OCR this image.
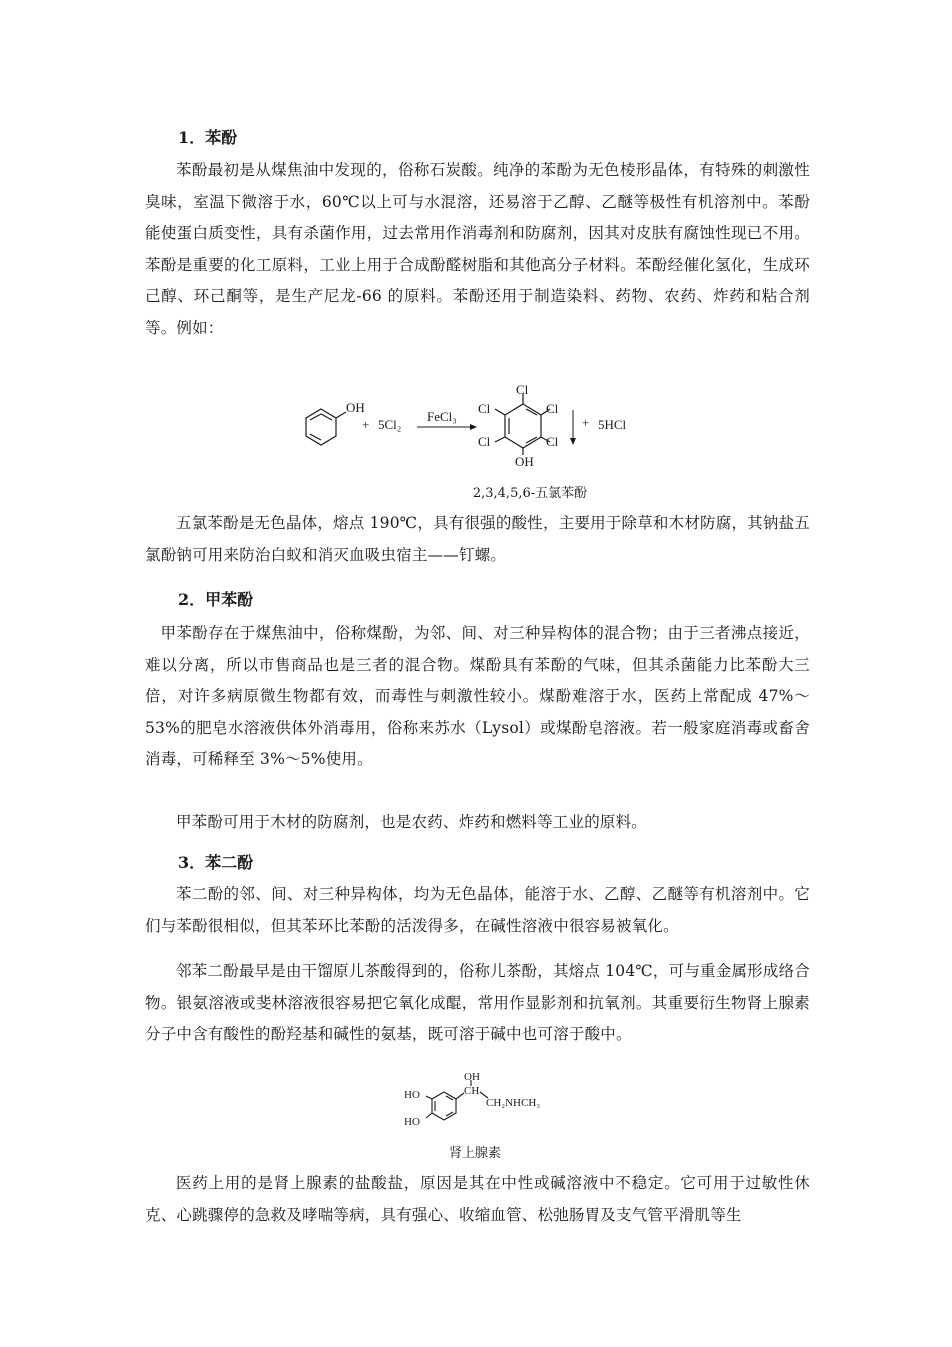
1．苯酚
苯酚最初是从煤焦油中发现的，俗称石炭酸。纯净的苯酚为无色棱形晶体，有特殊的刺激性臭味，室温下微溶于水，60℃以上可与水混溶，还易溶于乙醇、乙醚等极性有机溶剂中。苯酚能使蛋白质变性，具有杀菌作用，过去常用作消毒剂和防腐剂，因其对皮肤有腐蚀性现已不用。苯酚是重要的化工原料，工业上用于合成酚醛树脂和其他高分子材料。苯酚经催化氢化，生成环己醇、环己酮等，是生产尼龙-66 的原料。苯酚还用于制造染料、药物、农药、炸药和粘合剂等。例如：
OH
+ 5Cl₂
FeCl₃
Cl
Cl	Cl
Cl	Cl
OH
+ 5HCl
2,3,4,5,6-五氯苯酚
五氯苯酚是无色晶体，熔点 190℃，具有很强的酸性，主要用于除草和木材防腐，其钠盐五氯酚钠可用来防治白蚁和消灭血吸虫宿主——钉螺。
2．甲苯酚
甲苯酚存在于煤焦油中，俗称煤酚，为邻、间、对三种异构体的混合物；由于三者沸点接近，难以分离，所以市售商品也是三者的混合物。煤酚具有苯酚的气味，但其杀菌能力比苯酚大三倍，对许多病原微生物都有效，而毒性与刺激性较小。煤酚难溶于水，医药上常配成 47%～53%的肥皂水溶液供体外消毒用，俗称来苏水（Lysol）或煤酚皂溶液。若一般家庭消毒或畜舍消毒，可稀释至 3%～5%使用。
甲苯酚可用于木材的防腐剂，也是农药、炸药和燃料等工业的原料。
3．苯二酚
苯二酚的邻、间、对三种异构体，均为无色晶体，能溶于水、乙醇、乙醚等有机溶剂中。它们与苯酚很相似，但其苯环比苯酚的活泼得多，在碱性溶液中很容易被氧化。
邻苯二酚最早是由干馏原儿茶酸得到的，俗称儿茶酚，其熔点 104℃，可与重金属形成络合物。银氨溶液或斐林溶液很容易把它氧化成醌，常用作显影剂和抗氧剂。其重要衍生物肾上腺素分子中含有酸性的酚羟基和碱性的氨基，既可溶于碱中也可溶于酸中。
OH
HO
HO
CH
CH₂NHCH₃
肾上腺素
医药上用的是肾上腺素的盐酸盐，原因是其在中性或碱溶液中不稳定。它可用于过敏性休克、心跳骤停的急救及哮喘等病，具有强心、收缩血管、松弛肠胃及支气管平滑肌等生
